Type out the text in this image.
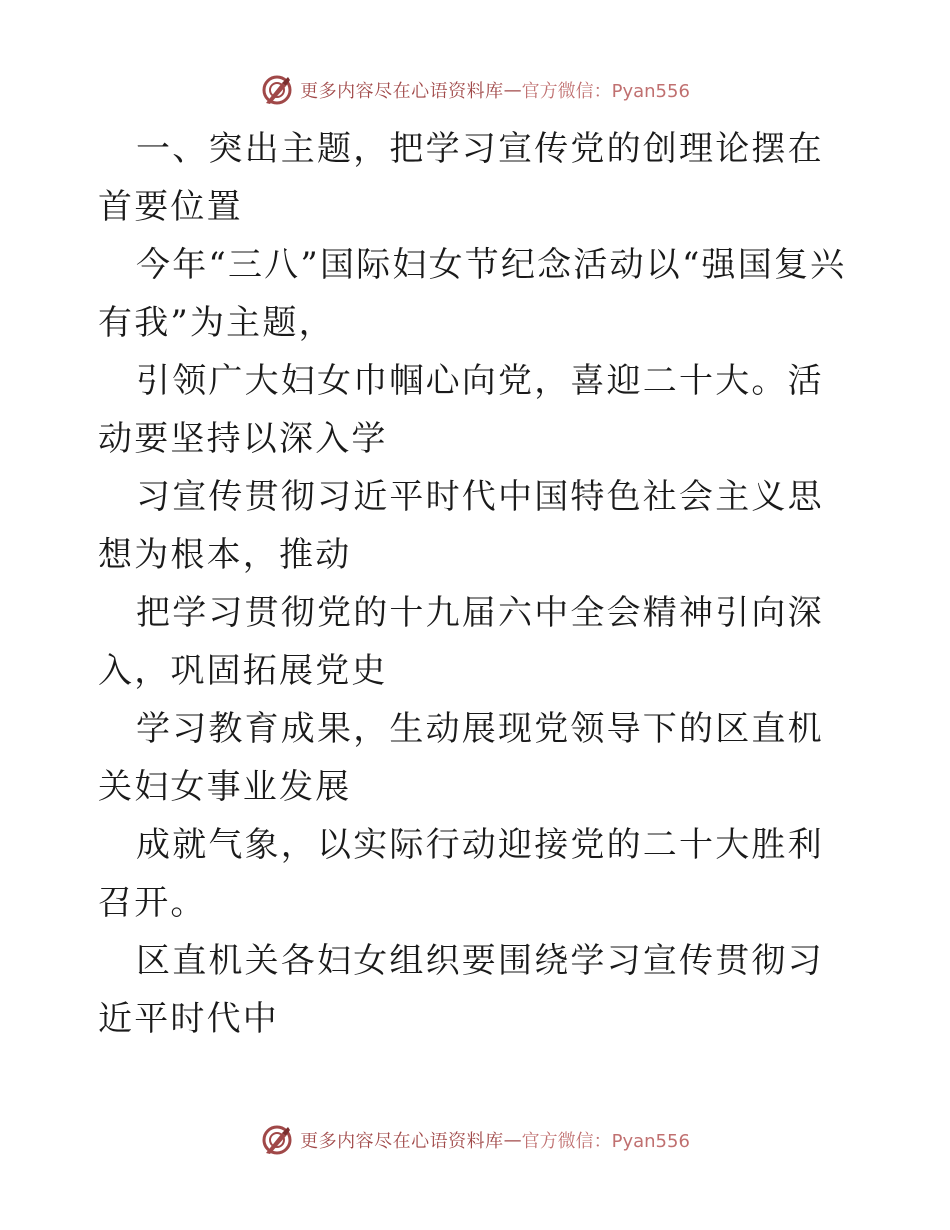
更多内容尽在心语资料库 — 官方微信：Pyan556

一、突出主题，把学习宣传党的创理论摆在首要位置

今年“三八”国际妇女节纪念活动以“强国复兴有我”为主题，

引领广大妇女巾帼心向党，喜迎二十大。活动要坚持以深入学

习宣传贯彻习近平时代中国特色社会主义思想为根本，推动

把学习贯彻党的十九届六中全会精神引向深入，巩固拓展党史

学习教育成果，生动展现党领导下的区直机关妇女事业发展

成就气象，以实际行动迎接党的二十大胜利召开。

区直机关各妇女组织要围绕学习宣传贯彻习近平时代中

更多内容尽在心语资料库 — 官方微信：Pyan556
